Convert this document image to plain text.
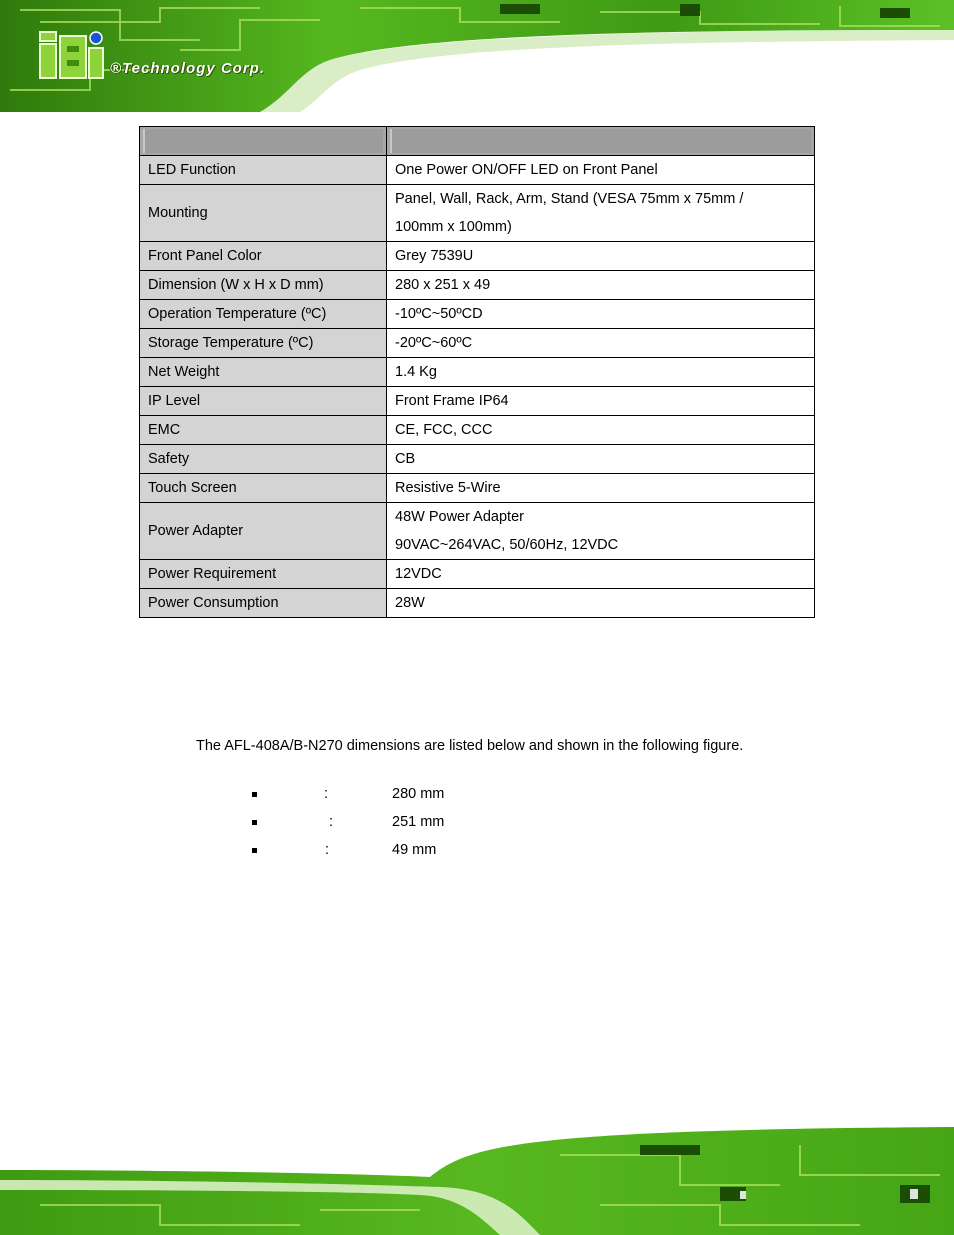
®Technology Corp.

LED Function	One Power ON/OFF LED on Front Panel
Mounting	Panel, Wall, Rack, Arm, Stand (VESA 75mm x 75mm /
100mm x 100mm)

Front Panel Color	Grey 7539U
Dimension (W x H x D mm)	280 x 251 x 49
Operation Temperature (ºC)	-10ºC~50ºCD
Storage Temperature (ºC)	-20ºC~60ºC
Net Weight	1.4 Kg
IP Level	Front Frame IP64
EMC	CE, FCC, CCC
Safety	CB
Touch Screen	Resistive 5-Wire
Power Adapter	48W Power Adapter
90VAC~264VAC, 50/60Hz, 12VDC

Power Requirement	12VDC
Power Consumption	28W
The AFL-408A/B-N270 dimensions are listed below and shown in the following figure.
:	280 mm
:	251 mm
:	49 mm
